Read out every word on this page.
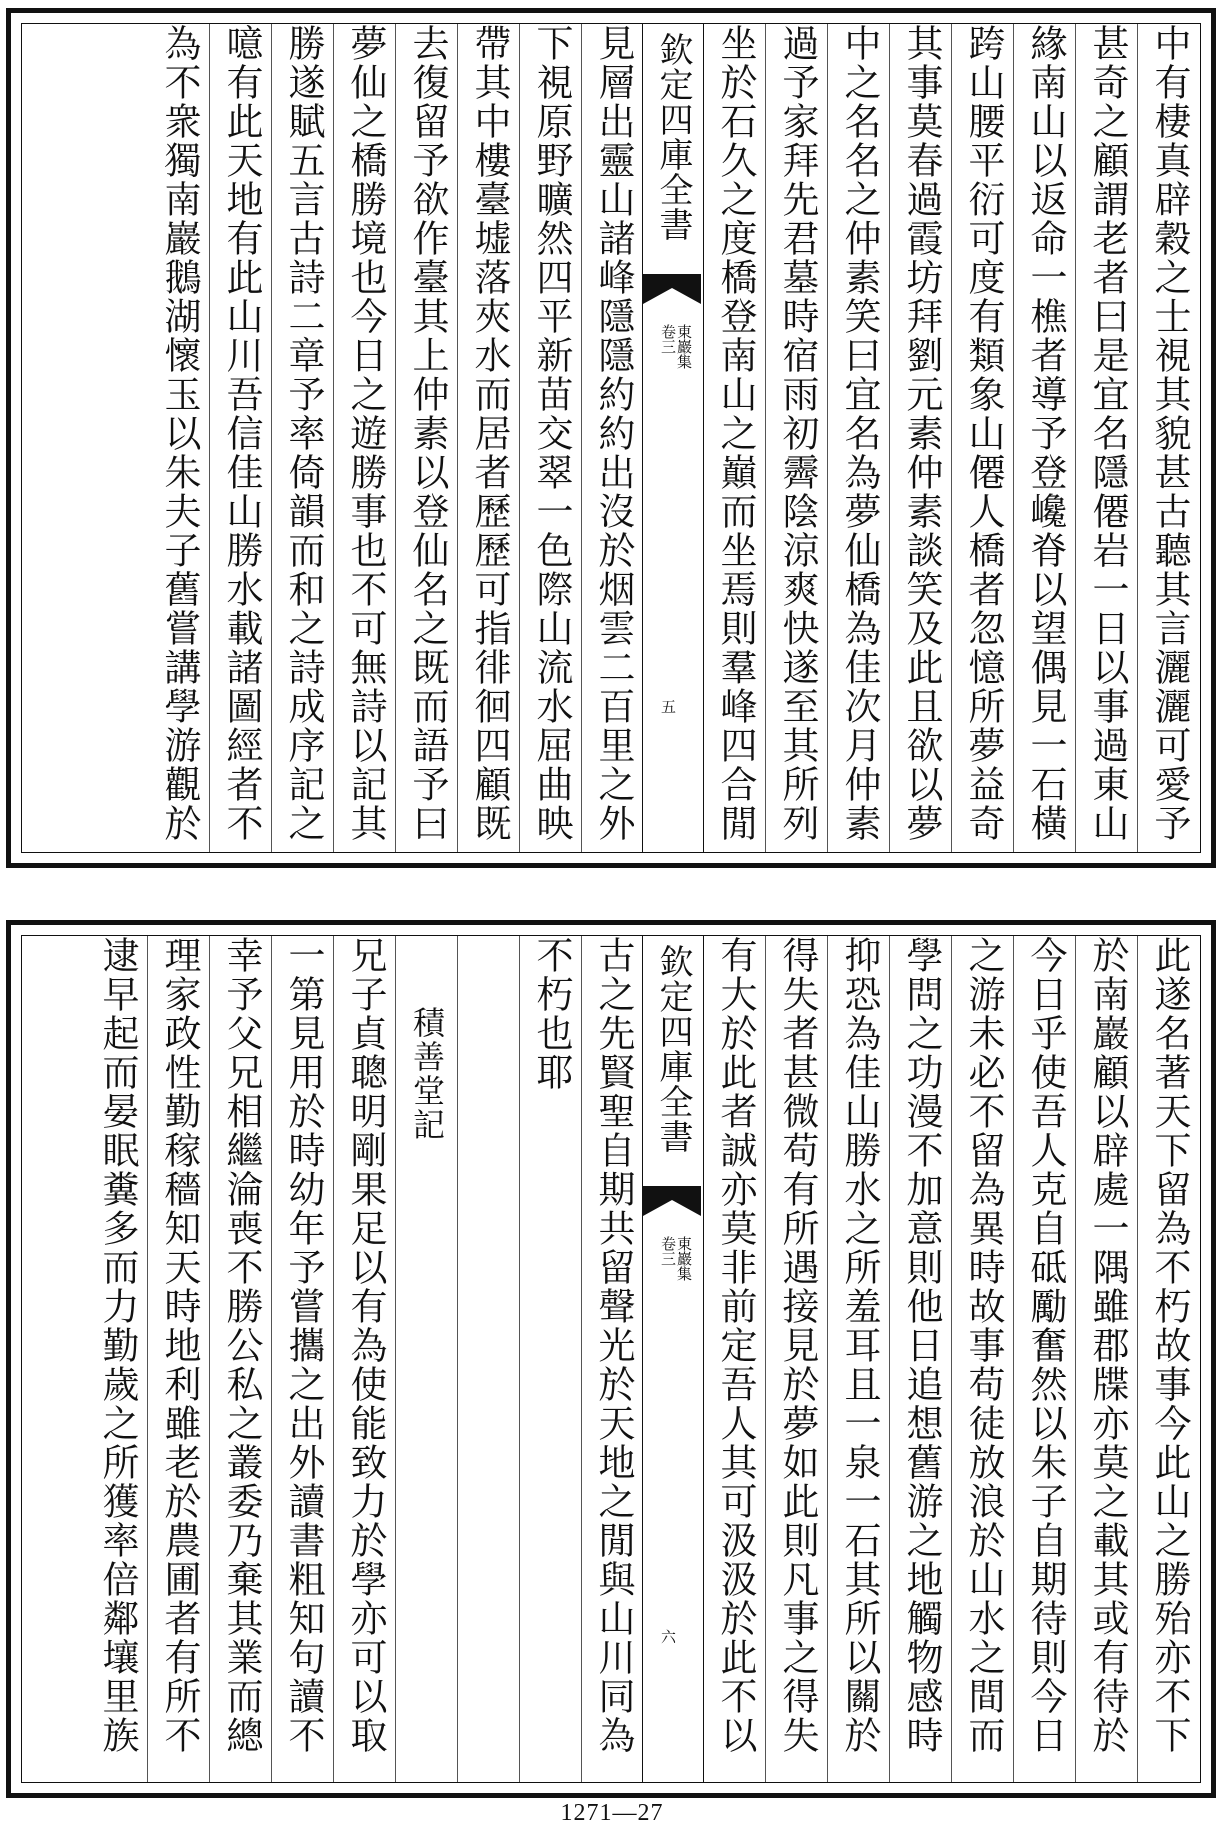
中有棲真辟穀之士視其貌甚古聽其言灑灑可愛予
甚奇之顧謂老者曰是宜名隱僊岩一日以事過東山
緣南山以返命一樵者導予登巉脊以望偶見一石橫
跨山腰平衍可度有類象山僊人橋者忽憶所夢益奇
其事莫春過霞坊拜劉元素仲素談笑及此且欲以夢
中之名名之仲素笑曰宜名為夢仙橋為佳次月仲素
過予家拜先君墓時宿雨初霽陰涼爽快遂至其所列
坐於石久之度橋登南山之巔而坐焉則羣峰四合閒
欽定四庫全書
東巖集
卷三
五
見層出靈山諸峰隱隱約約出沒於烟雲二百里之外
下視原野曠然四平新苗交翠一色際山流水屈曲映
帶其中樓臺墟落夾水而居者歷歷可指徘徊四顧既
去復留予欲作臺其上仲素以登仙名之既而語予曰
夢仙之橋勝境也今日之遊勝事也不可無詩以記其
勝遂賦五言古詩二章予率倚韻而和之詩成序記之
噫有此天地有此山川吾信佳山勝水載諸圖經者不
為不衆獨南巖鵝湖懷玉以朱夫子舊嘗講學游觀於
此遂名著天下留為不朽故事今此山之勝殆亦不下
於南巖顧以辟處一隅雖郡牒亦莫之載其或有待於
今日乎使吾人克自砥勵奮然以朱子自期待則今日
之游未必不留為異時故事苟徒放浪於山水之間而
學問之功漫不加意則他日追想舊游之地觸物感時
抑恐為佳山勝水之所羞耳且一泉一石其所以關於
得失者甚微苟有所遇接見於夢如此則凡事之得失
有大於此者誠亦莫非前定吾人其可汲汲於此不以
欽定四庫全書
東巖集
卷三
六
古之先賢聖自期共留聲光於天地之閒與山川同為
不朽也耶
積善堂記
兄子貞聰明剛果足以有為使能致力於學亦可以取
一第見用於時幼年予嘗攜之出外讀書粗知句讀不
幸予父兄相繼淪喪不勝公私之叢委乃棄其業而總
理家政性勤稼穡知天時地利雖老於農圃者有所不
逮早起而晏眠糞多而力勤歲之所獲率倍鄰壤里族
1271—27
